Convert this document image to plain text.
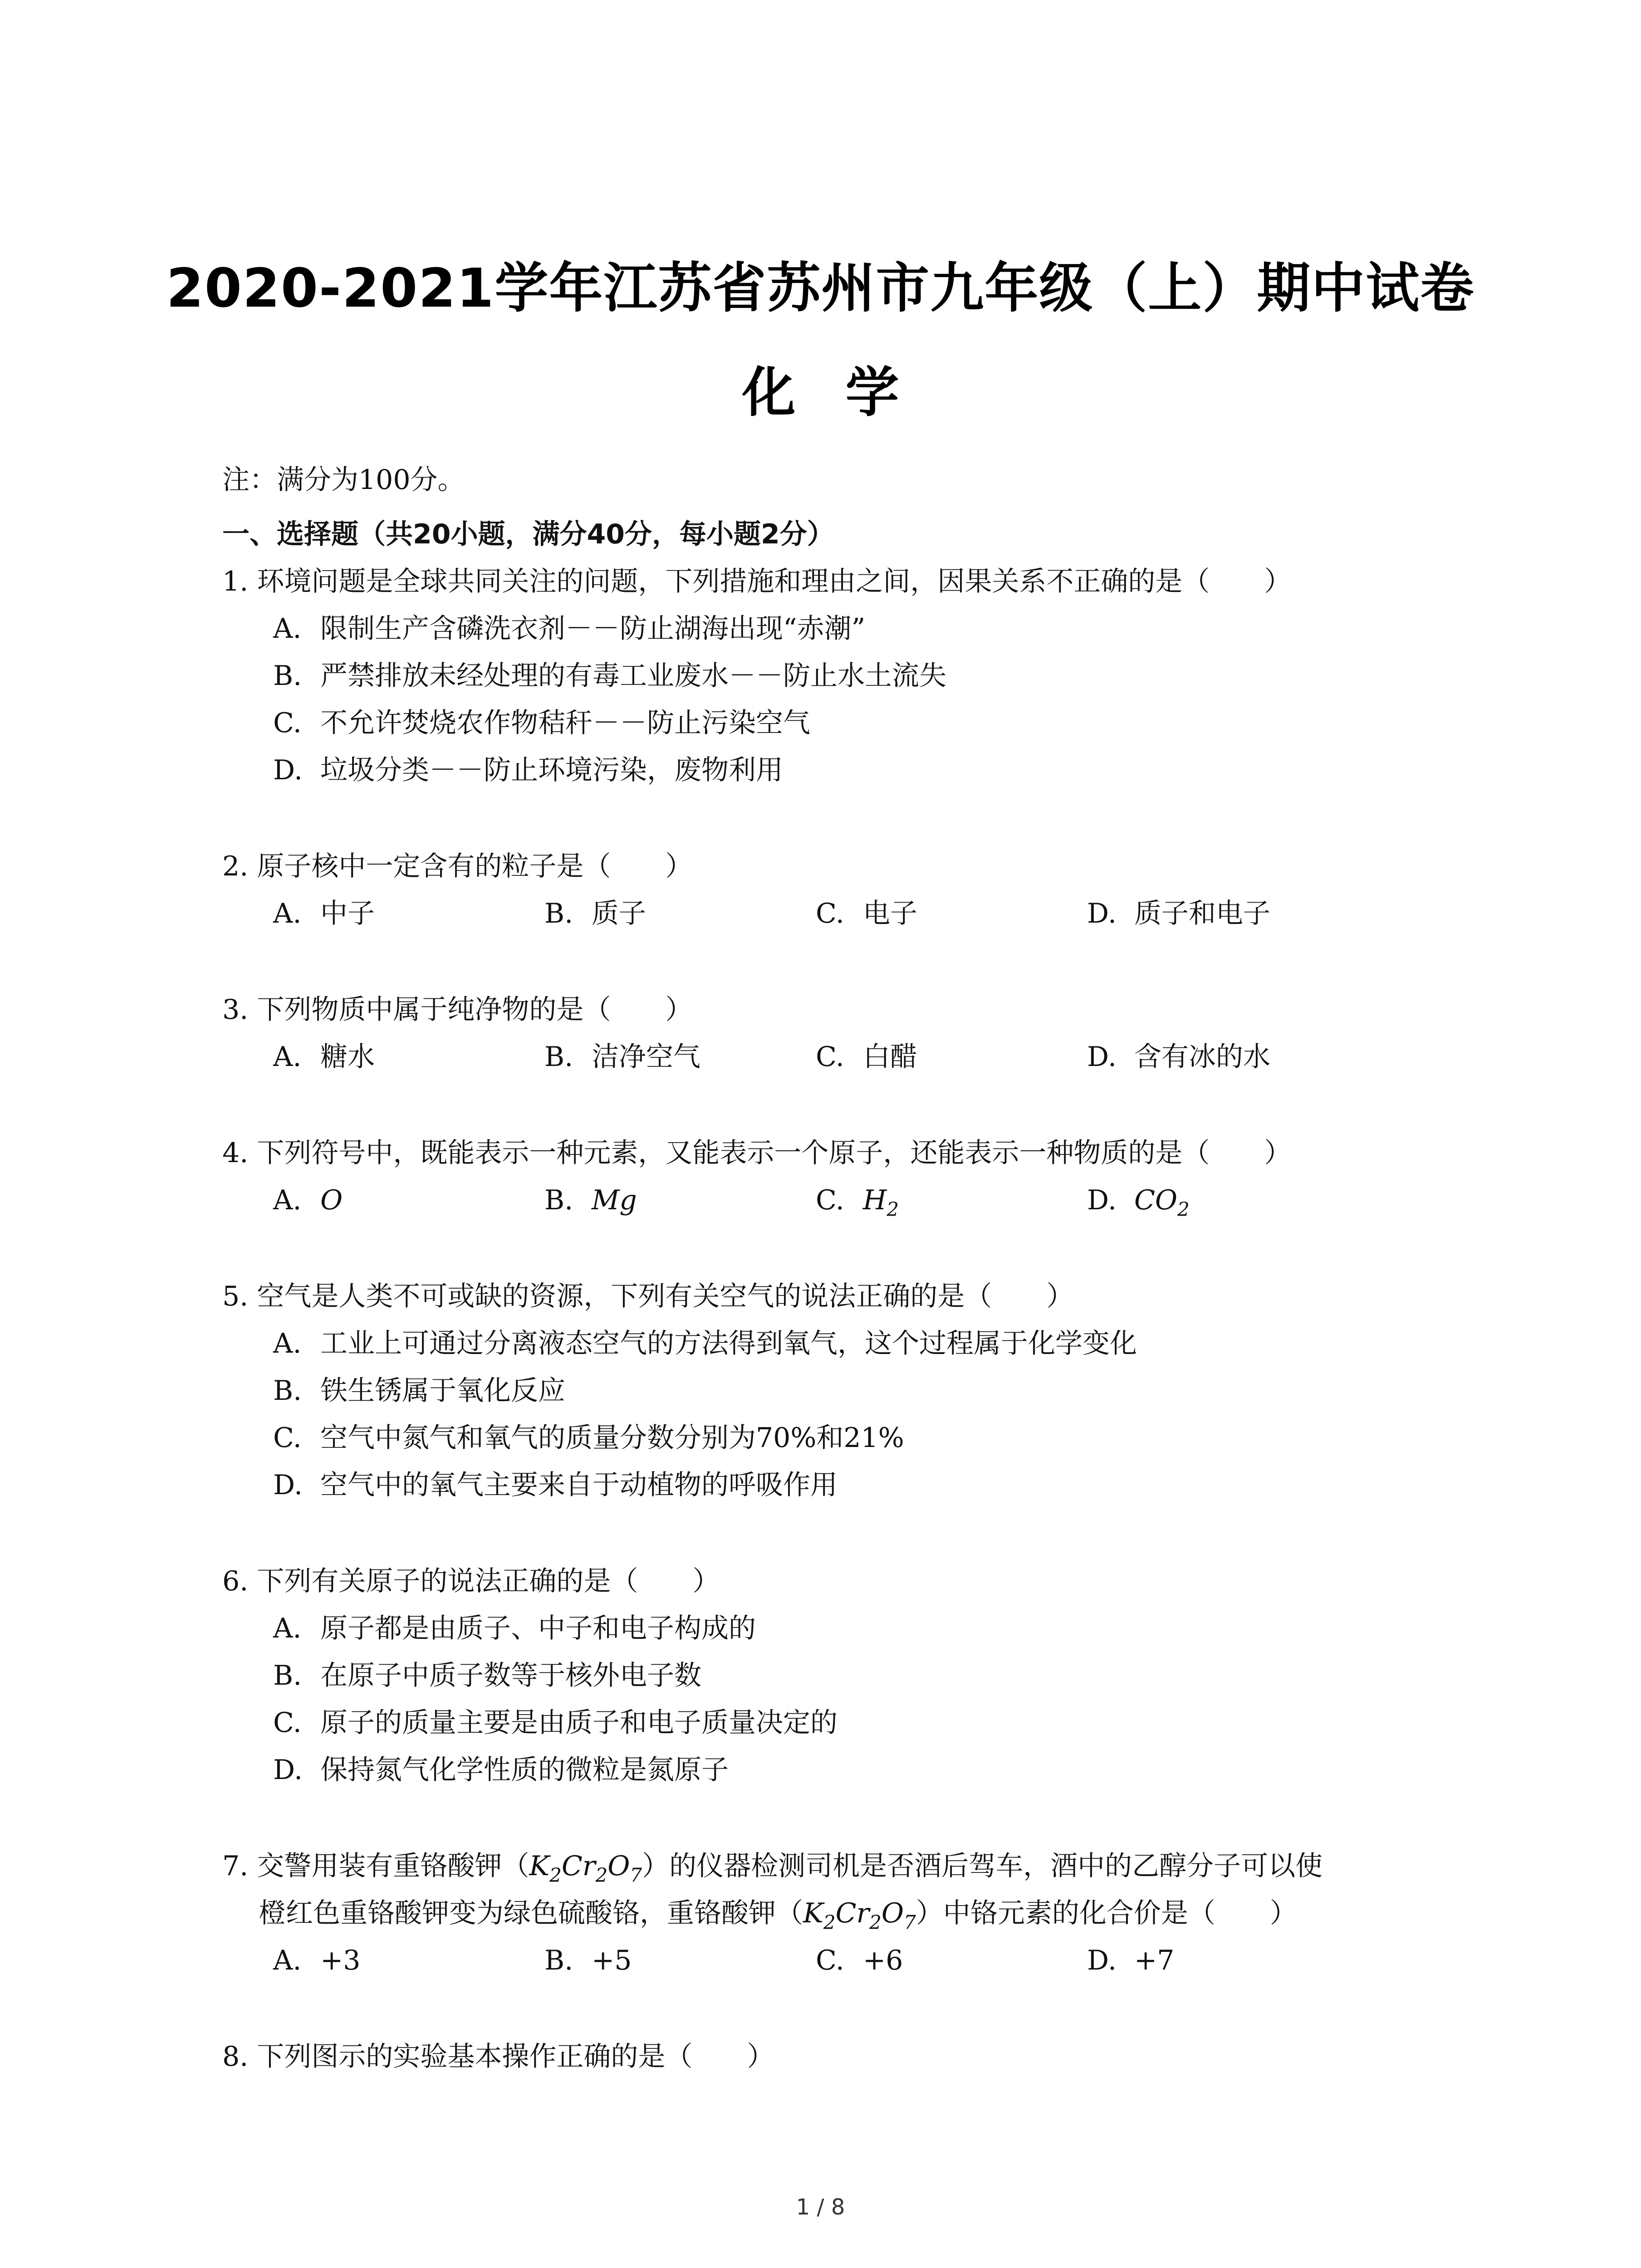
2020-2021学年江苏省苏州市九年级（上）期中试卷
化学
注：满分为100分。
一、选择题（共20小题，满分40分，每小题2分）
1. 环境问题是全球共同关注的问题，下列措施和理由之间，因果关系不正确的是（　　）
A. 限制生产含磷洗衣剂－－防止湖海出现“赤潮”
B. 严禁排放未经处理的有毒工业废水－－防止水土流失
C. 不允许焚烧农作物秸秆－－防止污染空气
D. 垃圾分类－－防止环境污染，废物利用
2. 原子核中一定含有的粒子是（　　）
A. 中子	B. 质子	C. 电子	D. 质子和电子
3. 下列物质中属于纯净物的是（　　）
A. 糖水	B. 洁净空气	C. 白醋	D. 含有冰的水
4. 下列符号中，既能表示一种元素，又能表示一个原子，还能表示一种物质的是（　　）
A. O	B. Mg	C. $H_2$	D. $CO_2$
5. 空气是人类不可或缺的资源，下列有关空气的说法正确的是（　　）
A. 工业上可通过分离液态空气的方法得到氧气，这个过程属于化学变化
B. 铁生锈属于氧化反应
C. 空气中氮气和氧气的质量分数分别为70%和21%
D. 空气中的氧气主要来自于动植物的呼吸作用
6. 下列有关原子的说法正确的是（　　）
A. 原子都是由质子、中子和电子构成的
B. 在原子中质子数等于核外电子数
C. 原子的质量主要是由质子和电子质量决定的
D. 保持氮气化学性质的微粒是氮原子
7. 交警用装有重铬酸钾$(K_2Cr_2O_7)$的仪器检测司机是否酒后驾车，酒中的乙醇分子可以使
橙红色重铬酸钾变为绿色硫酸铬，重铬酸钾$(K_2Cr_2O_7)$中铬元素的化合价是（　　）
A. +3	B. +5	C. +6	D. +7
8. 下列图示的实验基本操作正确的是（　　）
1 / 8
